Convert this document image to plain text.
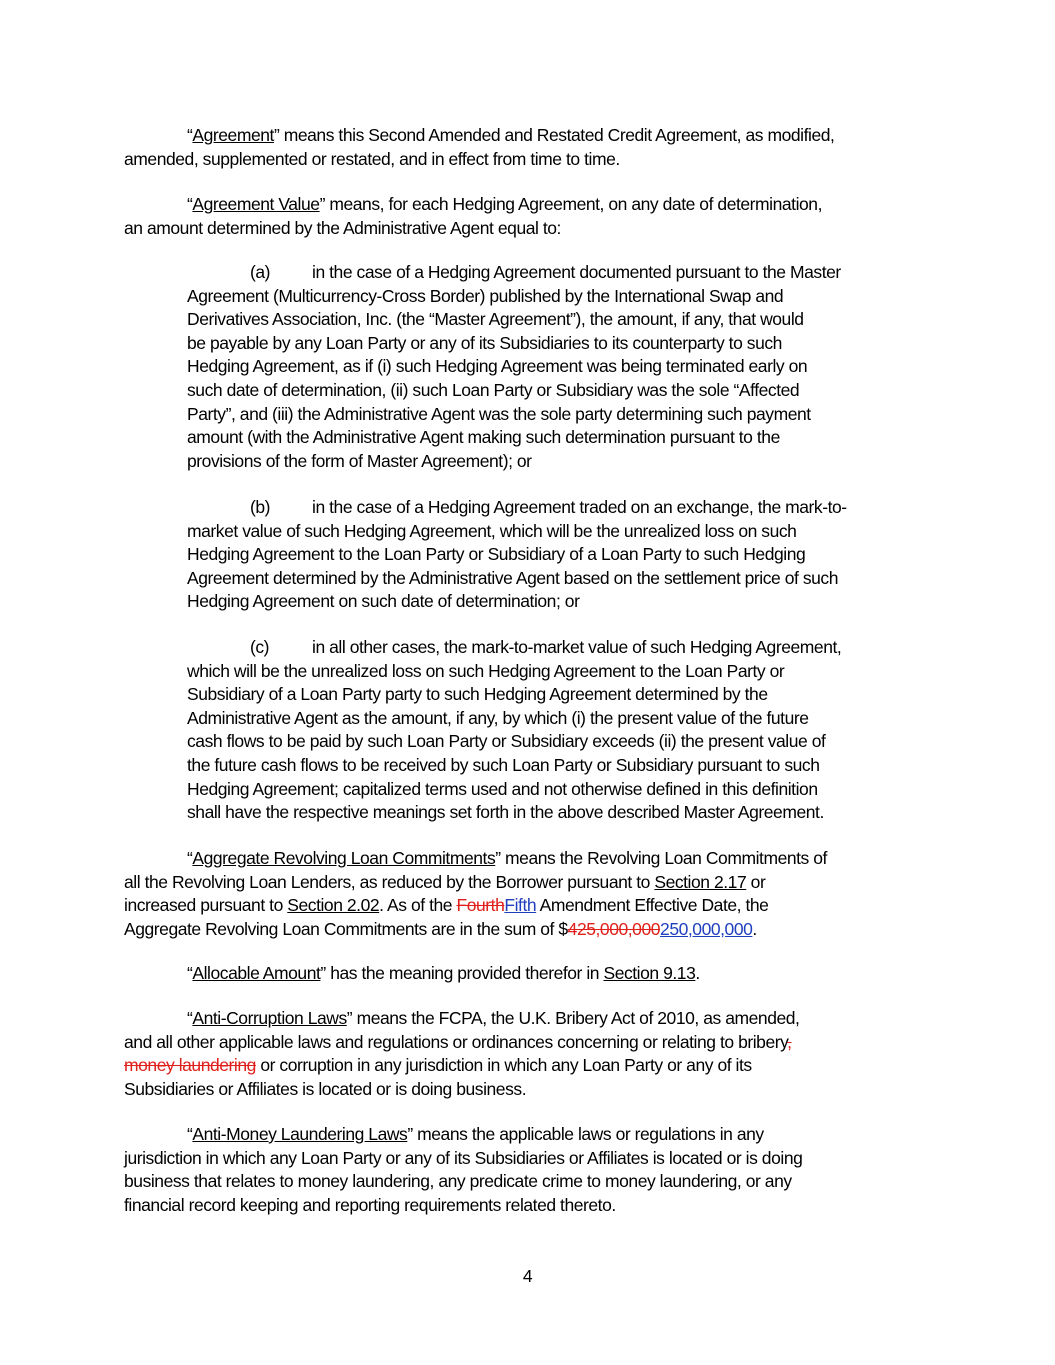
“Agreement” means this Second Amended and Restated Credit Agreement, as modified,
amended, supplemented or restated, and in effect from time to time.
“Agreement Value” means, for each Hedging Agreement, on any date of determination,
an amount determined by the Administrative Agent equal to:
(a) in the case of a Hedging Agreement documented pursuant to the Master
Agreement (Multicurrency-Cross Border) published by the International Swap and
Derivatives Association, Inc. (the “Master Agreement”), the amount, if any, that would
be payable by any Loan Party or any of its Subsidiaries to its counterparty to such
Hedging Agreement, as if (i) such Hedging Agreement was being terminated early on
such date of determination, (ii) such Loan Party or Subsidiary was the sole “Affected
Party”, and (iii) the Administrative Agent was the sole party determining such payment
amount (with the Administrative Agent making such determination pursuant to the
provisions of the form of Master Agreement); or
(b) in the case of a Hedging Agreement traded on an exchange, the mark-to-
market value of such Hedging Agreement, which will be the unrealized loss on such
Hedging Agreement to the Loan Party or Subsidiary of a Loan Party to such Hedging
Agreement determined by the Administrative Agent based on the settlement price of such
Hedging Agreement on such date of determination; or
(c) in all other cases, the mark-to-market value of such Hedging Agreement,
which will be the unrealized loss on such Hedging Agreement to the Loan Party or
Subsidiary of a Loan Party party to such Hedging Agreement determined by the
Administrative Agent as the amount, if any, by which (i) the present value of the future
cash flows to be paid by such Loan Party or Subsidiary exceeds (ii) the present value of
the future cash flows to be received by such Loan Party or Subsidiary pursuant to such
Hedging Agreement; capitalized terms used and not otherwise defined in this definition
shall have the respective meanings set forth in the above described Master Agreement.
“Aggregate Revolving Loan Commitments” means the Revolving Loan Commitments of
all the Revolving Loan Lenders, as reduced by the Borrower pursuant to Section 2.17 or
increased pursuant to Section 2.02. As of the FourthFifth Amendment Effective Date, the
Aggregate Revolving Loan Commitments are in the sum of $425,000,000250,000,000.
“Allocable Amount” has the meaning provided therefor in Section 9.13.
“Anti-Corruption Laws” means the FCPA, the U.K. Bribery Act of 2010, as amended,
and all other applicable laws and regulations or ordinances concerning or relating to bribery,
money laundering or corruption in any jurisdiction in which any Loan Party or any of its
Subsidiaries or Affiliates is located or is doing business.
“Anti-Money Laundering Laws” means the applicable laws or regulations in any
jurisdiction in which any Loan Party or any of its Subsidiaries or Affiliates is located or is doing
business that relates to money laundering, any predicate crime to money laundering, or any
financial record keeping and reporting requirements related thereto.
4
